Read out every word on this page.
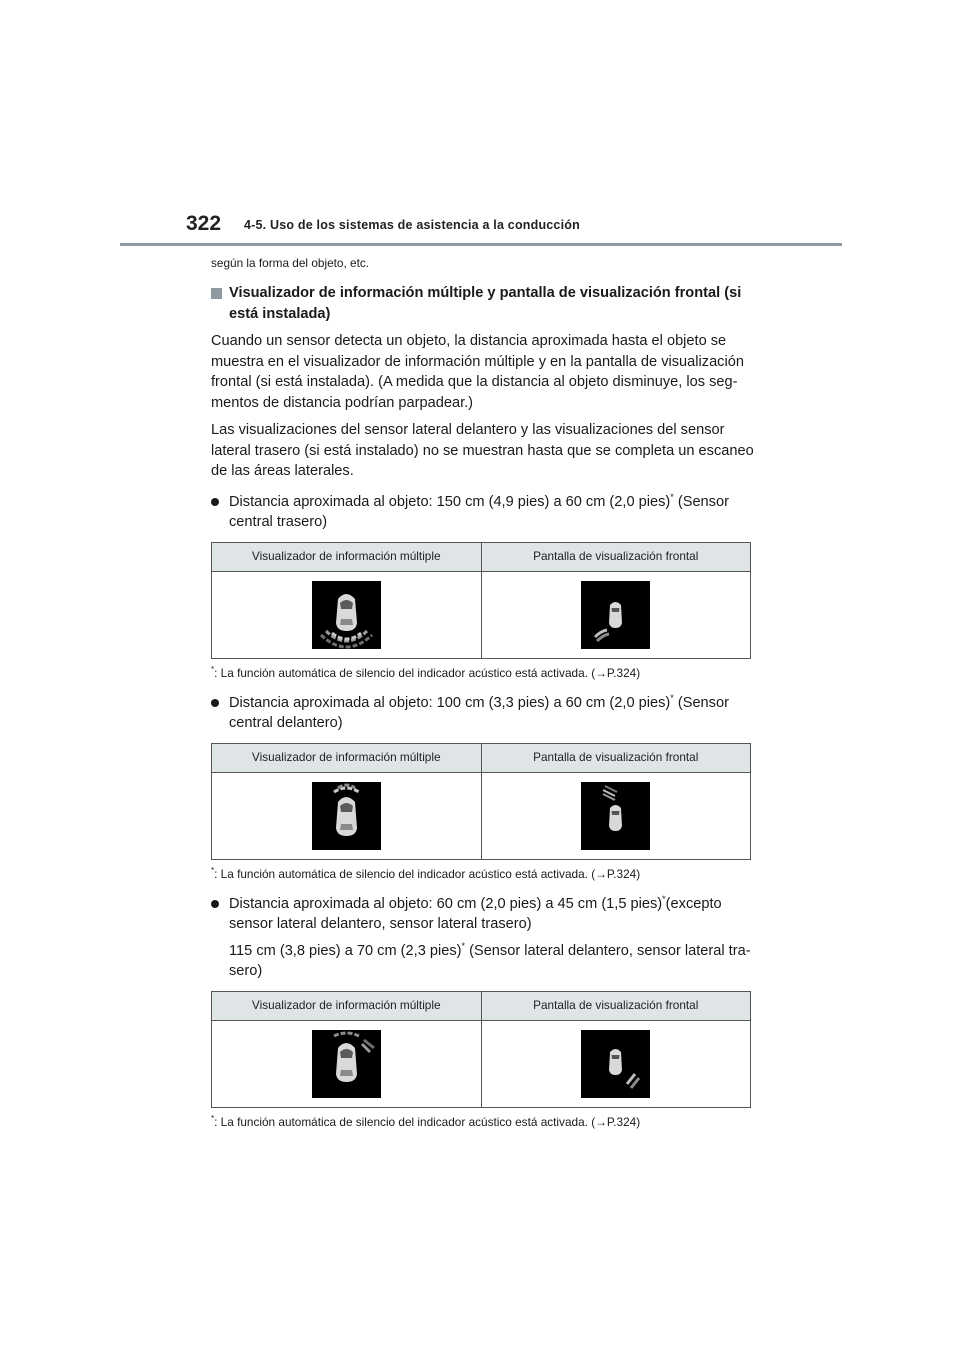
322 4-5. Uso de los sistemas de asistencia a la conducción

según la forma del objeto, etc.

Visualizador de información múltiple y pantalla de visualización frontal (si
está instalada)

Cuando un sensor detecta un objeto, la distancia aproximada hasta el objeto se muestra en el visualizador de información múltiple y en la pantalla de visualización frontal (si está instalada). (A medida que la distancia al objeto disminuye, los seg- mentos de distancia podrían parpadear.)

Las visualizaciones del sensor lateral delantero y las visualizaciones del sensor lateral trasero (si está instalado) no se muestran hasta que se completa un escaneo de las áreas laterales.

Distancia aproximada al objeto: 150 cm (4,9 pies) a 60 cm (2,0 pies)* (Sensor

central trasero)

Visualizador de información múltiple	Pantalla de visualización frontal

*: La función automática de silencio del indicador acústico está activada. (→P.324)

Distancia aproximada al objeto: 100 cm (3,3 pies) a 60 cm (2,0 pies)* (Sensor

central delantero)

Visualizador de información múltiple	Pantalla de visualización frontal

*: La función automática de silencio del indicador acústico está activada. (→P.324)

Distancia aproximada al objeto: 60 cm (2,0 pies) a 45 cm (1,5 pies)*(excepto

sensor lateral delantero, sensor lateral trasero)

115 cm (3,8 pies) a 70 cm (2,3 pies)* (Sensor lateral delantero, sensor lateral tra-

sero)

Visualizador de información múltiple	Pantalla de visualización frontal

*: La función automática de silencio del indicador acústico está activada. (→P.324)
